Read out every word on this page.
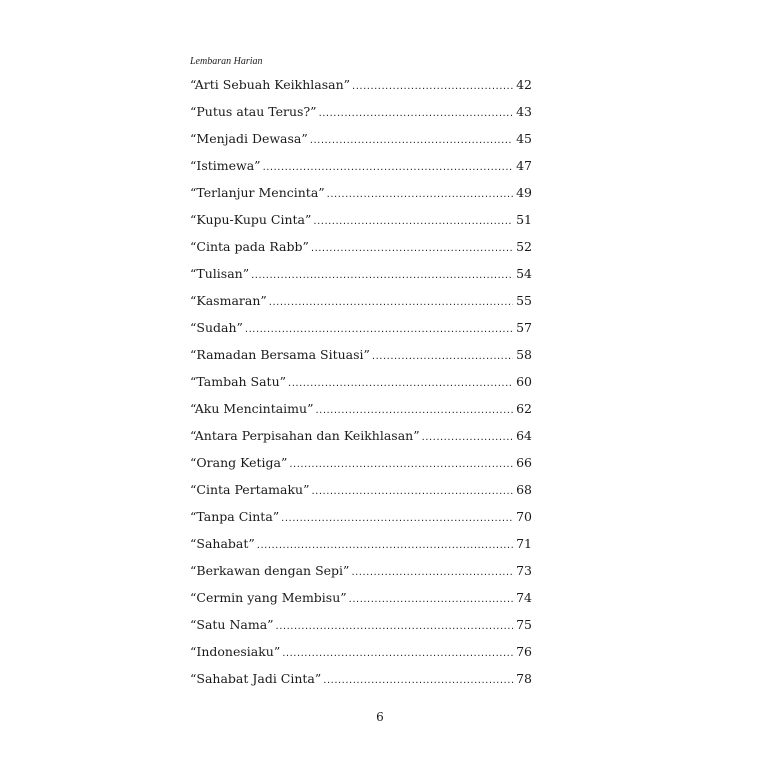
Lembaran Harian
“Arti Sebuah Keikhlasan” .....	42
“Putus atau Terus?” .....	43
“Menjadi Dewasa” .....	45
“Istimewa” .....	47
“Terlanjur Mencinta” .....	49
“Kupu-Kupu Cinta” .....	51
“Cinta pada Rabb” .....	52
“Tulisan” .....	54
“Kasmaran” .....	55
“Sudah” .....	57
“Ramadan Bersama Situasi” .....	58
“Tambah Satu” .....	60
“Aku Mencintaimu” .....	62
“Antara Perpisahan dan Keikhlasan” .....	64
“Orang Ketiga” .....	66
“Cinta Pertamaku” .....	68
“Tanpa Cinta” .....	70
“Sahabat” .....	71
“Berkawan dengan Sepi” .....	73
“Cermin yang Membisu” .....	74
“Satu Nama” .....	75
“Indonesiaku” .....	76
“Sahabat Jadi Cinta” .....	78
6
